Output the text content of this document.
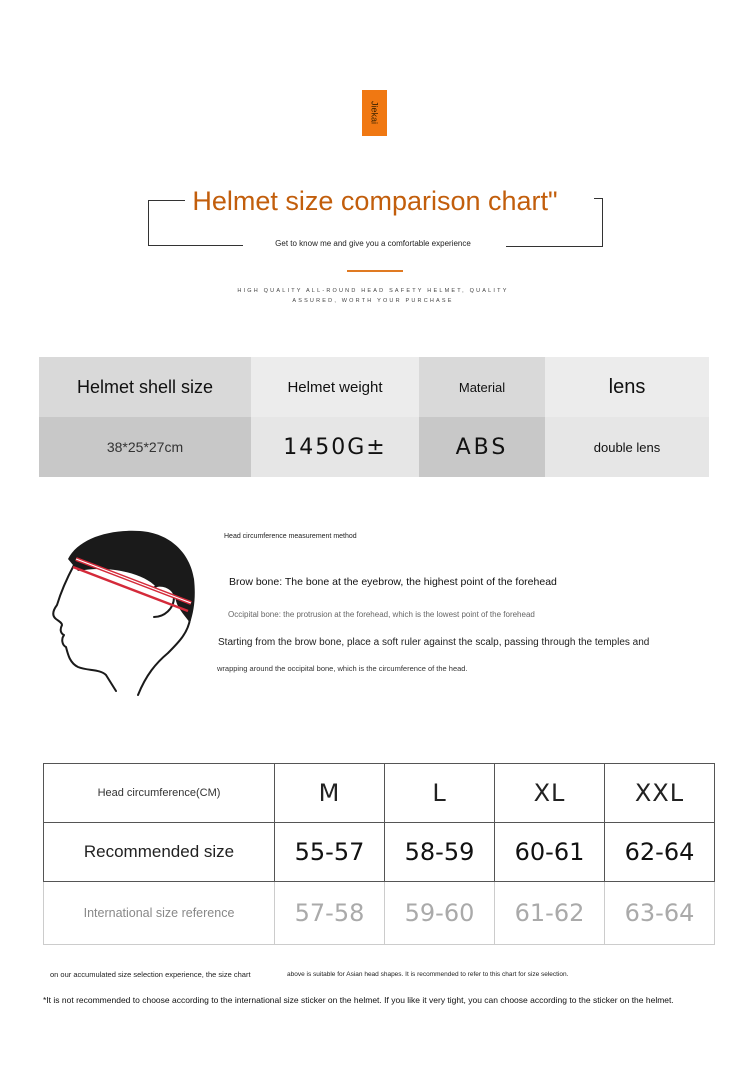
Jiekai
Helmet size comparison chart"
Get to know me and give you a comfortable experience
HIGH QUALITY ALL-ROUND HEAD SAFETY HELMET, QUALITY
ASSURED, WORTH YOUR PURCHASE
Helmet shell size	Helmet weight	Material	lens
38*25*27cm	1450G±	ABS	double lens
Head circumference measurement method
Brow bone: The bone at the eyebrow, the highest point of the forehead
Occipital bone: the protrusion at the forehead, which is the lowest point of the forehead
Starting from the brow bone, place a soft ruler against the scalp, passing through the temples and
wrapping around the occipital bone, which is the circumference of the head.
Head circumference(CM)	M	L	XL	XXL
Recommended size	55-57	58-59	60-61	62-64
International size reference	57-58	59-60	61-62	63-64
on our accumulated size selection experience, the size chart	above is suitable for Asian head shapes. It is recommended to refer to this chart for size selection.
*It is not recommended to choose according to the international size sticker on the helmet. If you like it very tight, you can choose according to the sticker on the helmet.
